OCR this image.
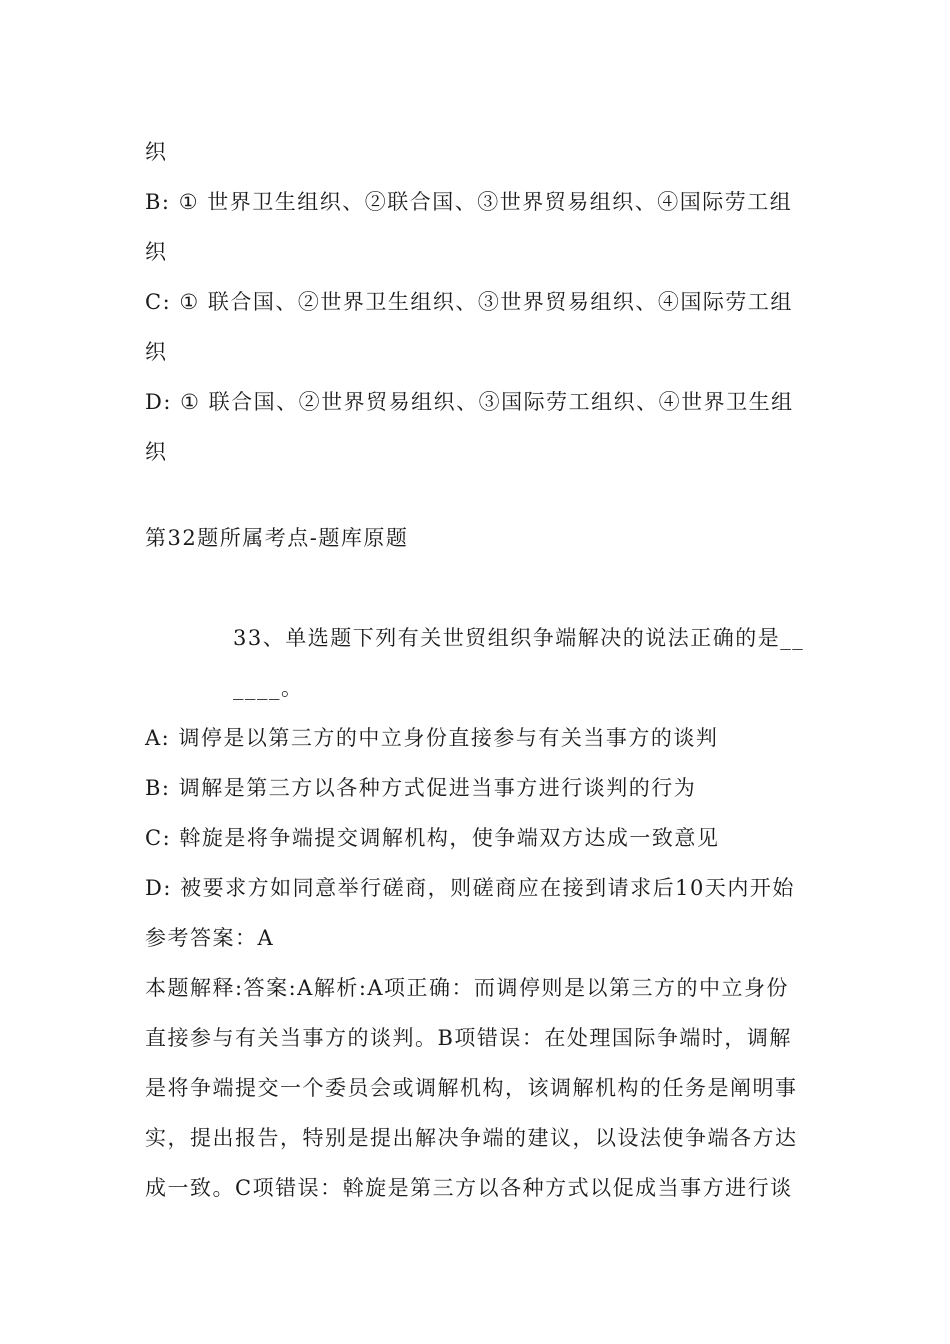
织
B: ① 世界卫生组织、②联合国、③世界贸易组织、④国际劳工组织
C: ① 联合国、②世界卫生组织、③世界贸易组织、④国际劳工组织
D: ① 联合国、②世界贸易组织、③国际劳工组织、④世界卫生组织
第32题所属考点-题库原题
33、单选题下列有关世贸组织争端解决的说法正确的是______。
A: 调停是以第三方的中立身份直接参与有关当事方的谈判
B: 调解是第三方以各种方式促进当事方进行谈判的行为
C: 斡旋是将争端提交调解机构，使争端双方达成一致意见
D: 被要求方如同意举行磋商，则磋商应在接到请求后10天内开始
参考答案：A
本题解释:答案:A解析:A项正确：而调停则是以第三方的中立身份直接参与有关当事方的谈判。B项错误：在处理国际争端时，调解是将争端提交一个委员会或调解机构，该调解机构的任务是阐明事实，提出报告，特别是提出解决争端的建议，以设法使争端各方达成一致。C项错误：斡旋是第三方以各种方式以促成当事方进行谈
